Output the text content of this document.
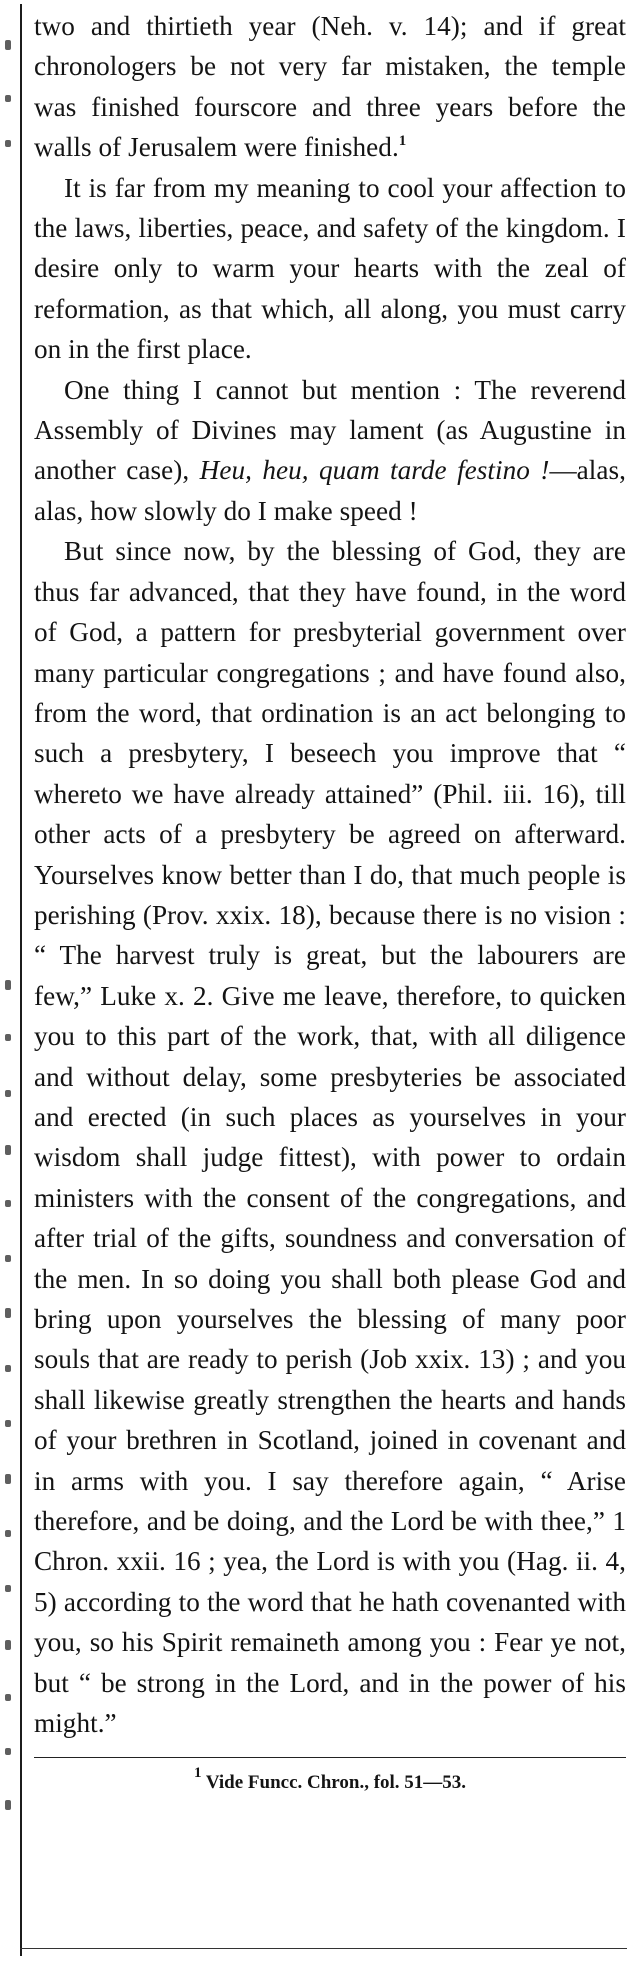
two and thirtieth year (Neh. v. 14); and if great chronologers be not very far mistaken, the temple was finished fourscore and three years before the walls of Jerusalem were finished.$^1$

It is far from my meaning to cool your affection to the laws, liberties, peace, and safety of the kingdom. I desire only to warm your hearts with the zeal of reformation, as that which, all along, you must carry on in the first place.

One thing I cannot but mention : The reverend Assembly of Divines may lament (as Augustine in another case), Heu, heu, quam tarde festino !—alas, alas, how slowly do I make speed !

But since now, by the blessing of God, they are thus far advanced, that they have found, in the word of God, a pattern for presbyterial government over many particular congregations ; and have found also, from the word, that ordination is an act belonging to such a presbytery, I beseech you improve that “ whereto we have already attained” (Phil. iii. 16), till other acts of a presbytery be agreed on afterward. Yourselves know better than I do, that much people is perishing (Prov. xxix. 18), because there is no vision : “ The harvest truly is great, but the labourers are few,” Luke x. 2. Give me leave, therefore, to quicken you to this part of the work, that, with all diligence and without delay, some presbyteries be associated and erected (in such places as yourselves in your wisdom shall judge fittest), with power to ordain ministers with the consent of the congregations, and after trial of the gifts, soundness and conversation of the men. In so doing you shall both please God and bring upon yourselves the blessing of many poor souls that are ready to perish (Job xxix. 13) ; and you shall likewise greatly strengthen the hearts and hands of your brethren in Scotland, joined in covenant and in arms with you. I say therefore again, “ Arise therefore, and be doing, and the Lord be with thee,” 1 Chron. xxii. 16 ; yea, the Lord is with you (Hag. ii. 4, 5) according to the word that he hath covenanted with you, so his Spirit remaineth among you : Fear ye not, but “ be strong in the Lord, and in the power of his might.”

$^1$ Vide Funcc. Chron., fol. 51—53.
